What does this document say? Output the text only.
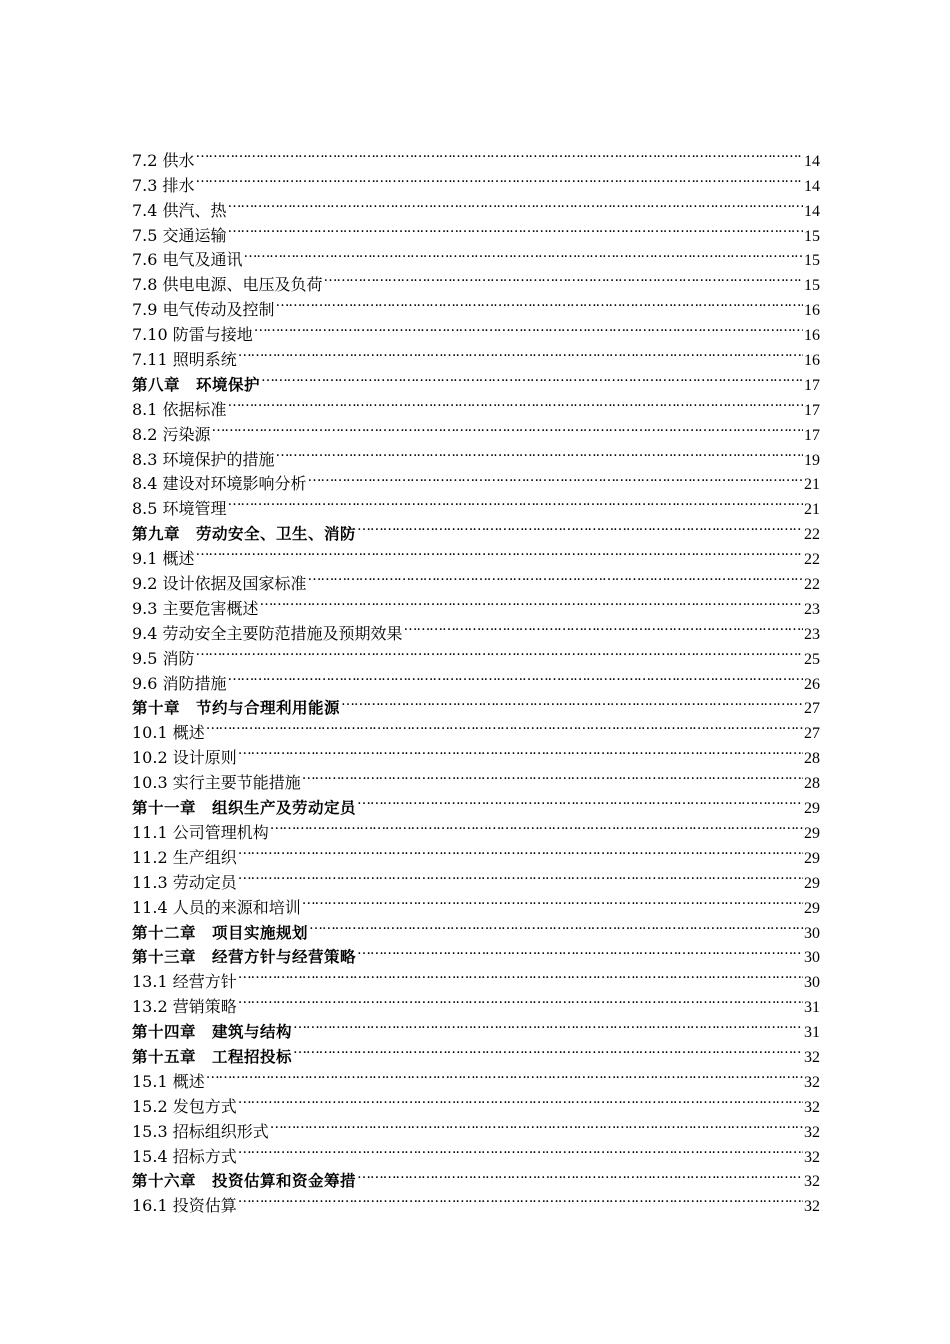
7.2 供水 …………………………………………………………………………………………………………………………………………………………………………	14
7.3 排水 …………………………………………………………………………………………………………………………………………………………………………	14
7.4 供汽、热 …………………………………………………………………………………………………………………………………………………………………………	14
7.5 交通运输 …………………………………………………………………………………………………………………………………………………………………………	15
7.6 电气及通讯 …………………………………………………………………………………………………………………………………………………………………………	15
7.8 供电电源、电压及负荷 …………………………………………………………………………………………………………………………………………………………………………	15
7.9 电气传动及控制 …………………………………………………………………………………………………………………………………………………………………………	16
7.10 防雷与接地 …………………………………………………………………………………………………………………………………………………………………………	16
7.11 照明系统 …………………………………………………………………………………………………………………………………………………………………………	16
第八章　环境保护 …………………………………………………………………………………………………………………………………………………………………………	17
8.1 依据标准 …………………………………………………………………………………………………………………………………………………………………………	17
8.2 污染源 …………………………………………………………………………………………………………………………………………………………………………	17
8.3 环境保护的措施 …………………………………………………………………………………………………………………………………………………………………………	19
8.4 建设对环境影响分析 …………………………………………………………………………………………………………………………………………………………………………	21
8.5 环境管理 …………………………………………………………………………………………………………………………………………………………………………	21
第九章　劳动安全、卫生、消防 …………………………………………………………………………………………………………………………………………………………………………	22
9.1 概述 …………………………………………………………………………………………………………………………………………………………………………	22
9.2 设计依据及国家标准 …………………………………………………………………………………………………………………………………………………………………………	22
9.3 主要危害概述 …………………………………………………………………………………………………………………………………………………………………………	23
9.4 劳动安全主要防范措施及预期效果 …………………………………………………………………………………………………………………………………………………………………………	23
9.5 消防 …………………………………………………………………………………………………………………………………………………………………………	25
9.6 消防措施 …………………………………………………………………………………………………………………………………………………………………………	26
第十章　节约与合理利用能源 …………………………………………………………………………………………………………………………………………………………………………	27
10.1 概述 …………………………………………………………………………………………………………………………………………………………………………	27
10.2 设计原则 …………………………………………………………………………………………………………………………………………………………………………	28
10.3 实行主要节能措施 …………………………………………………………………………………………………………………………………………………………………………	28
第十一章　组织生产及劳动定员 …………………………………………………………………………………………………………………………………………………………………………	29
11.1 公司管理机构 …………………………………………………………………………………………………………………………………………………………………………	29
11.2 生产组织 …………………………………………………………………………………………………………………………………………………………………………	29
11.3 劳动定员 …………………………………………………………………………………………………………………………………………………………………………	29
11.4 人员的来源和培训 …………………………………………………………………………………………………………………………………………………………………………	29
第十二章　项目实施规划 …………………………………………………………………………………………………………………………………………………………………………	30
第十三章　经营方针与经营策略 …………………………………………………………………………………………………………………………………………………………………………	30
13.1 经营方针 …………………………………………………………………………………………………………………………………………………………………………	30
13.2 营销策略 …………………………………………………………………………………………………………………………………………………………………………	31
第十四章　建筑与结构 …………………………………………………………………………………………………………………………………………………………………………	31
第十五章　工程招投标 …………………………………………………………………………………………………………………………………………………………………………	32
15.1 概述 …………………………………………………………………………………………………………………………………………………………………………	32
15.2 发包方式 …………………………………………………………………………………………………………………………………………………………………………	32
15.3 招标组织形式 …………………………………………………………………………………………………………………………………………………………………………	32
15.4 招标方式 …………………………………………………………………………………………………………………………………………………………………………	32
第十六章　投资估算和资金筹措 …………………………………………………………………………………………………………………………………………………………………………	32
16.1 投资估算 …………………………………………………………………………………………………………………………………………………………………………	32
